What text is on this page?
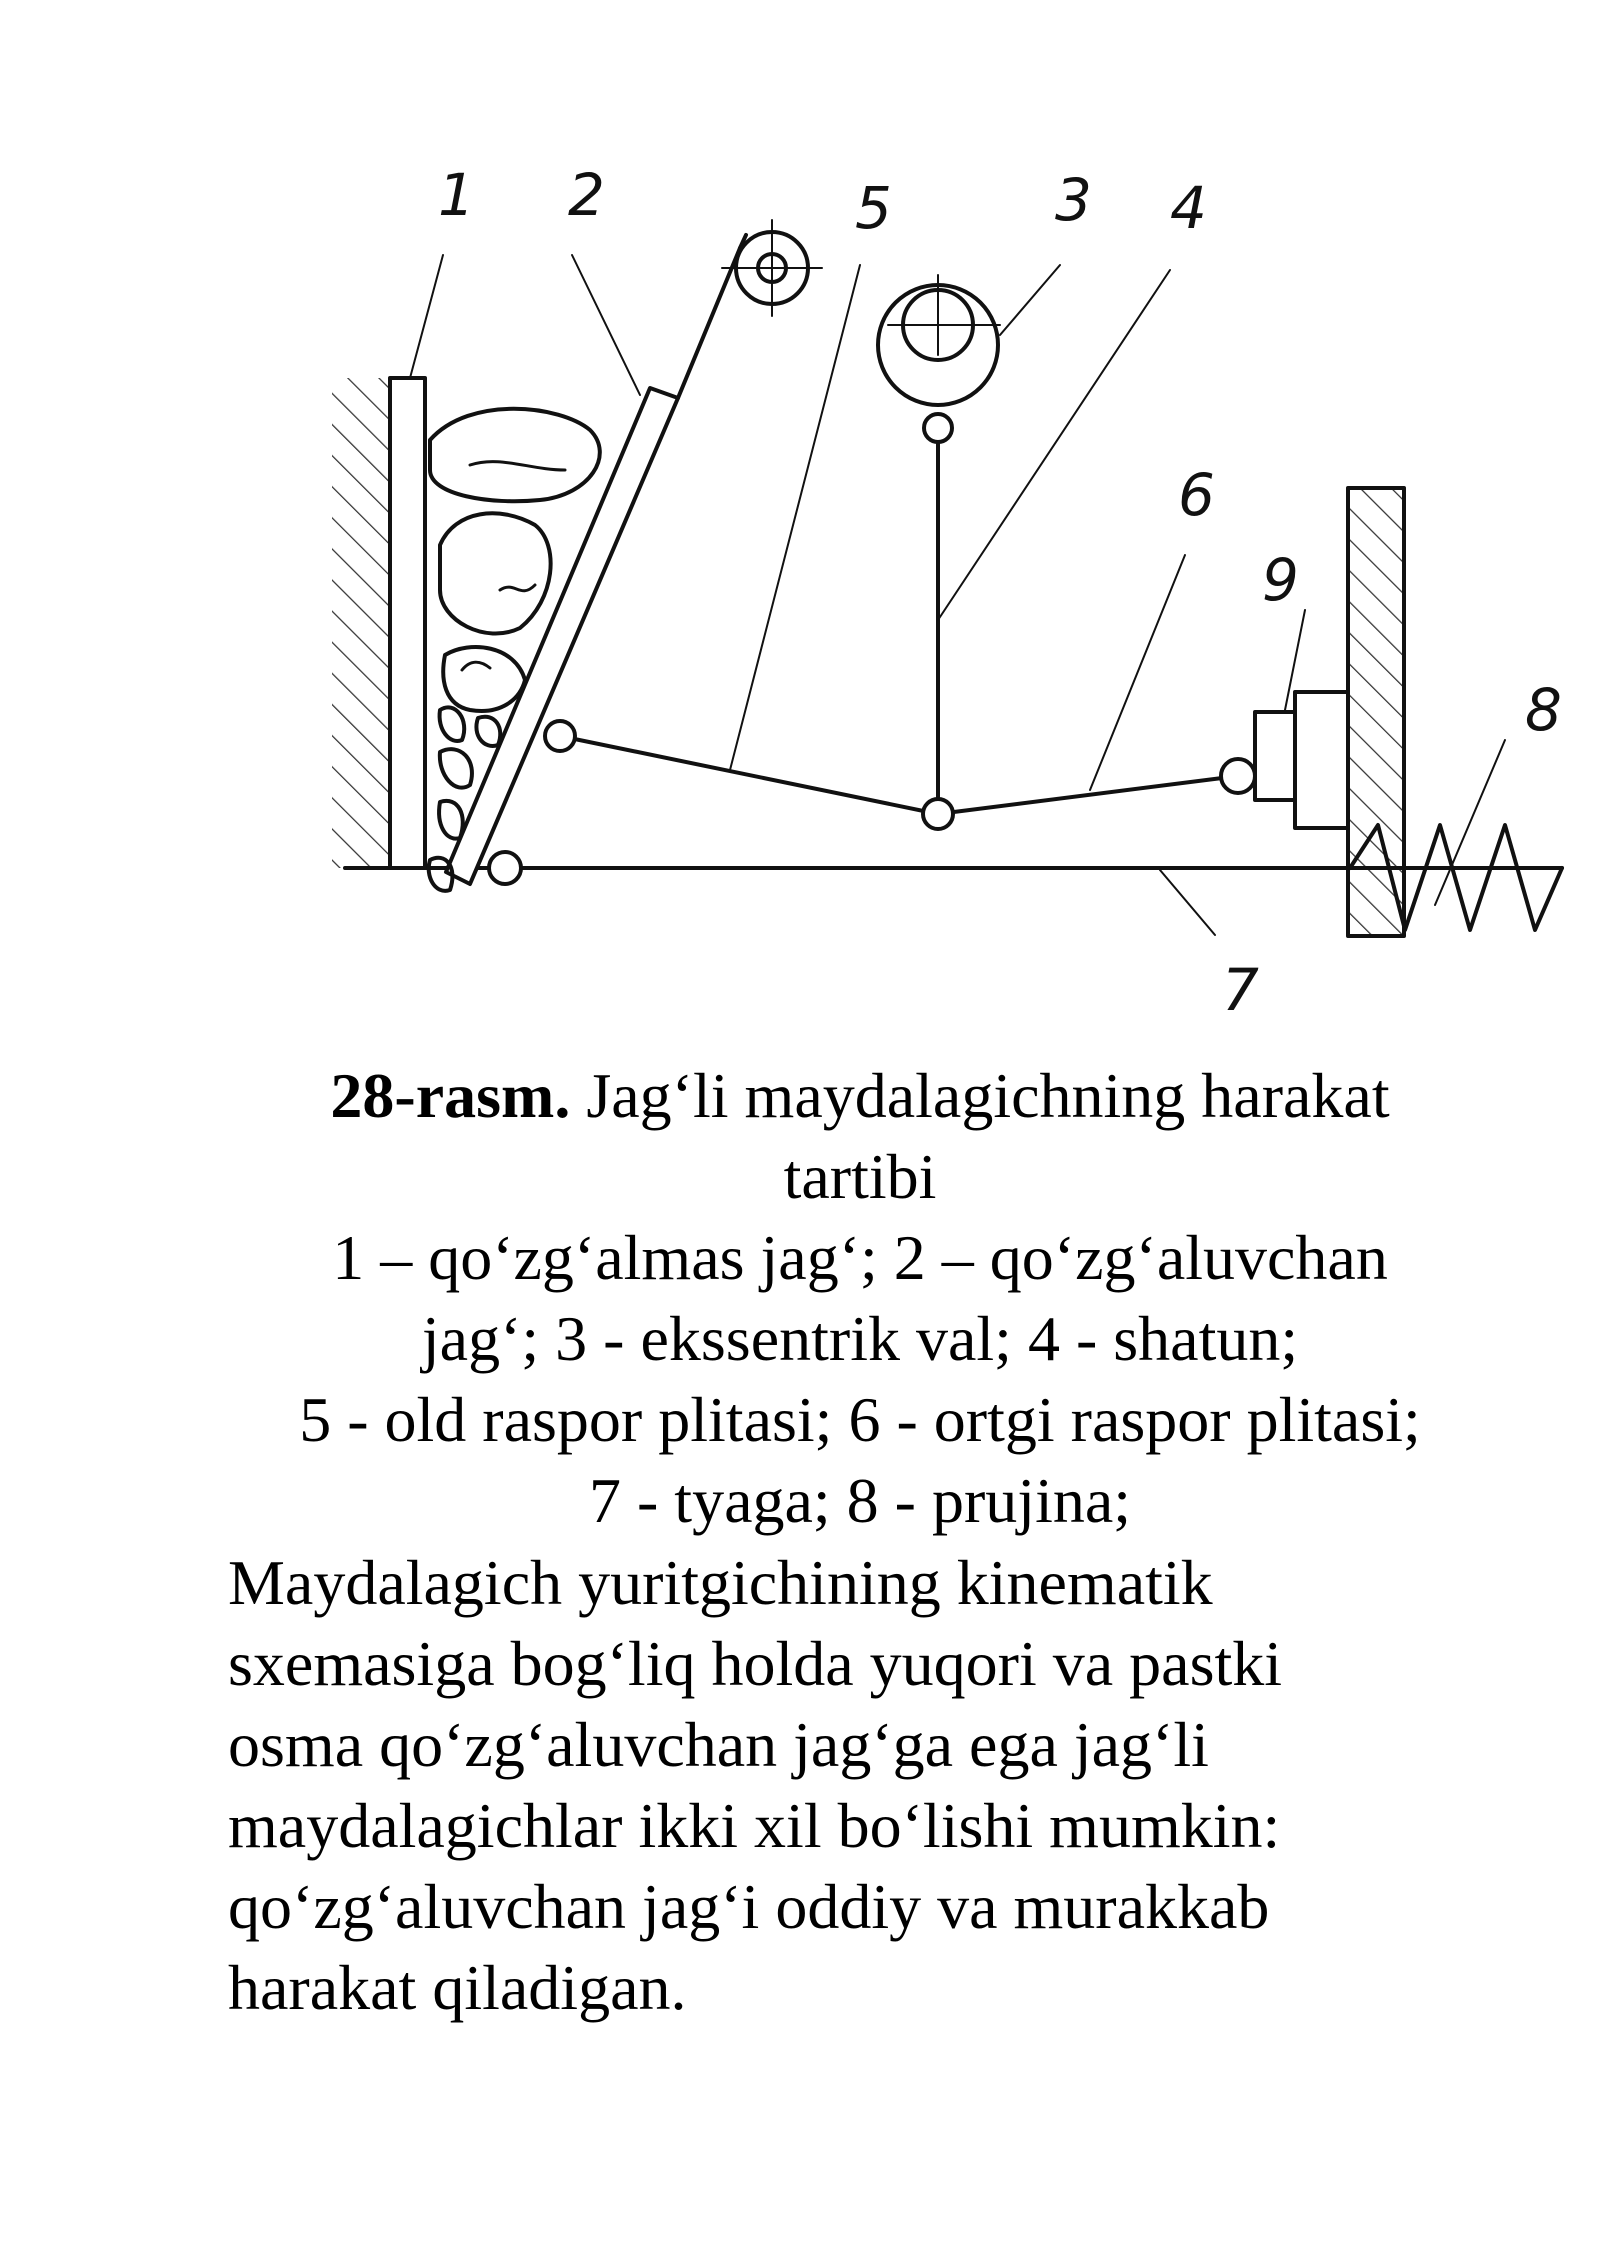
1 2	5	3 4
6
9
8
7
28-rasm. Jag‘li maydalagichning harakat
tartibi
1 – qo‘zg‘almas jag‘; 2 – qo‘zg‘aluvchan
jag‘; 3 - ekssentrik val; 4 - shatun;
5 - old raspor plitasi; 6 - ortgi raspor plitasi;
7 - tyaga; 8 - prujina;
Maydalagich yuritgichining kinematik
sxemasiga bog‘liq holda yuqori va pastki
osma qo‘zg‘aluvchan jag‘ga ega jag‘li
maydalagichlar ikki xil bo‘lishi mumkin:
qo‘zg‘aluvchan jag‘i oddiy va murakkab
harakat qiladigan.
